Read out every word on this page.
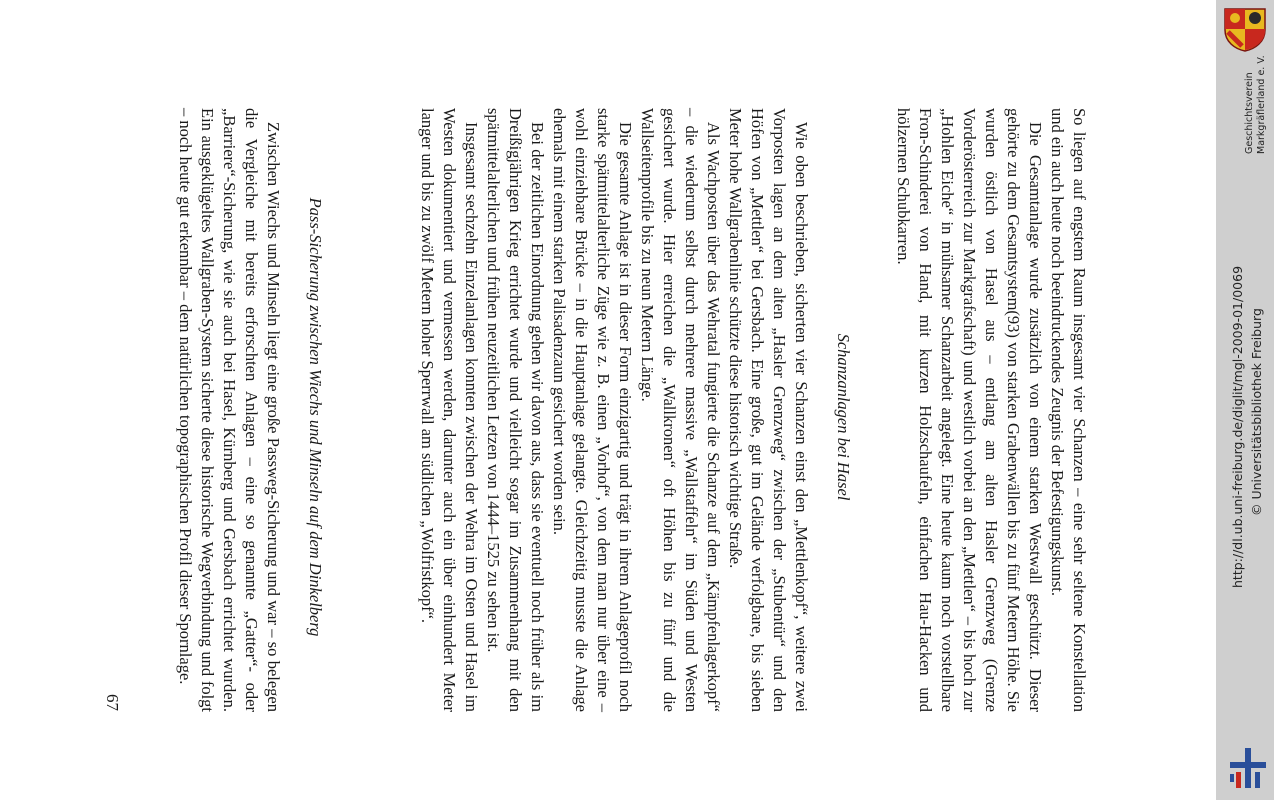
So liegen auf engstem Raum insgesamt vier Schanzen – eine sehr seltene Konstellation und ein auch heute noch beeindruckendes Zeugnis der Befestigungskunst.

Die Gesamtanlage wurde zusätzlich von einem starken Westwall geschützt. Dieser gehörte zu dem Gesamtsystem(93) von starken Grabenwällen bis zu fünf Metern Höhe. Sie wurden östlich von Hasel aus – entlang am alten Hasler Grenzweg (Grenze Vorderösterreich zur Markgrafschaft) und westlich vorbei an den „Mettlen“ – bis hoch zur „Hohlen Eiche“ in mühsamer Schanzarbeit angelegt. Eine heute kaum noch vorstellbare Fron-Schinderei von Hand, mit kurzen Holzschaufeln, einfachen Hau-Hacken und hölzernen Schubkarren.

Schanzanlagen bei Hasel

Wie oben beschrieben, sicherten vier Schanzen einst den „Mettlenkopf“, weitere zwei Vorposten lagen an dem alten „Hasler Grenzweg“ zwischen der „Stubentür“ und den Höfen von „Mettlen“ bei Gersbach. Eine große, gut im Gelände verfolgbare, bis sieben Meter hohe Wallgrabenlinie schützte diese historisch wichtige Straße.

Als Wachposten über das Wehratal fungierte die Schanze auf dem „Kämpfenlagerkopf“ – die wiederum selbst durch mehrere massive „Wallstaffeln“ im Süden und Westen gesichert wurde. Hier erreichen die „Wallkronen“ oft Höhen bis zu fünf und die Wallseitenprofile bis zu neun Metern Länge.

Die gesamte Anlage ist in dieser Form einzigartig und trägt in ihrem Anlageprofil noch starke spätmittelalterliche Züge wie z. B. einen „Vorhof“, von dem man nur über eine – wohl einziehbare Brücke – in die Hauptanlage gelangte. Gleichzeitig musste die Anlage ehemals mit einem starken Palisadenzaun gesichert worden sein.

Bei der zeitlichen Einordnung gehen wir davon aus, dass sie eventuell noch früher als im Dreißigjährigen Krieg errichtet wurde und vielleicht sogar im Zusammenhang mit den spätmittelalterlichen und frühen neuzeitlichen Letzen von 1444–1525 zu sehen ist.

Insgesamt sechzehn Einzelanlagen konnten zwischen der Wehra im Osten und Hasel im Westen dokumentiert und vermessen werden, darunter auch ein über einhundert Meter langer und bis zu zwölf Metern hoher Sperrwall am südlichen „Wolfristkopf“.

Pass-Sicherung zwischen Wiechs und Minseln auf dem Dinkelberg

Zwischen Wiechs und Minseln liegt eine große Passweg-Sicherung und war – so belegen die Vergleiche mit bereits erforschten Anlagen – eine so genannte „Gatter“- oder „Barriere“-Sicherung, wie sie auch bei Hasel, Kürnberg und Gersbach errichtet wurden. Ein ausgeklügeltes Wallgraben-System sicherte diese historische Wegverbindung und folgt – noch heute gut erkennbar – dem natürlichen topographischen Profil dieser Spornlage.

67
Geschichtsverein Markgräflerland e. V.
http://dl.ub.uni-freiburg.de/diglit/mgl-2009-01/0069 © Universitätsbibliothek Freiburg
